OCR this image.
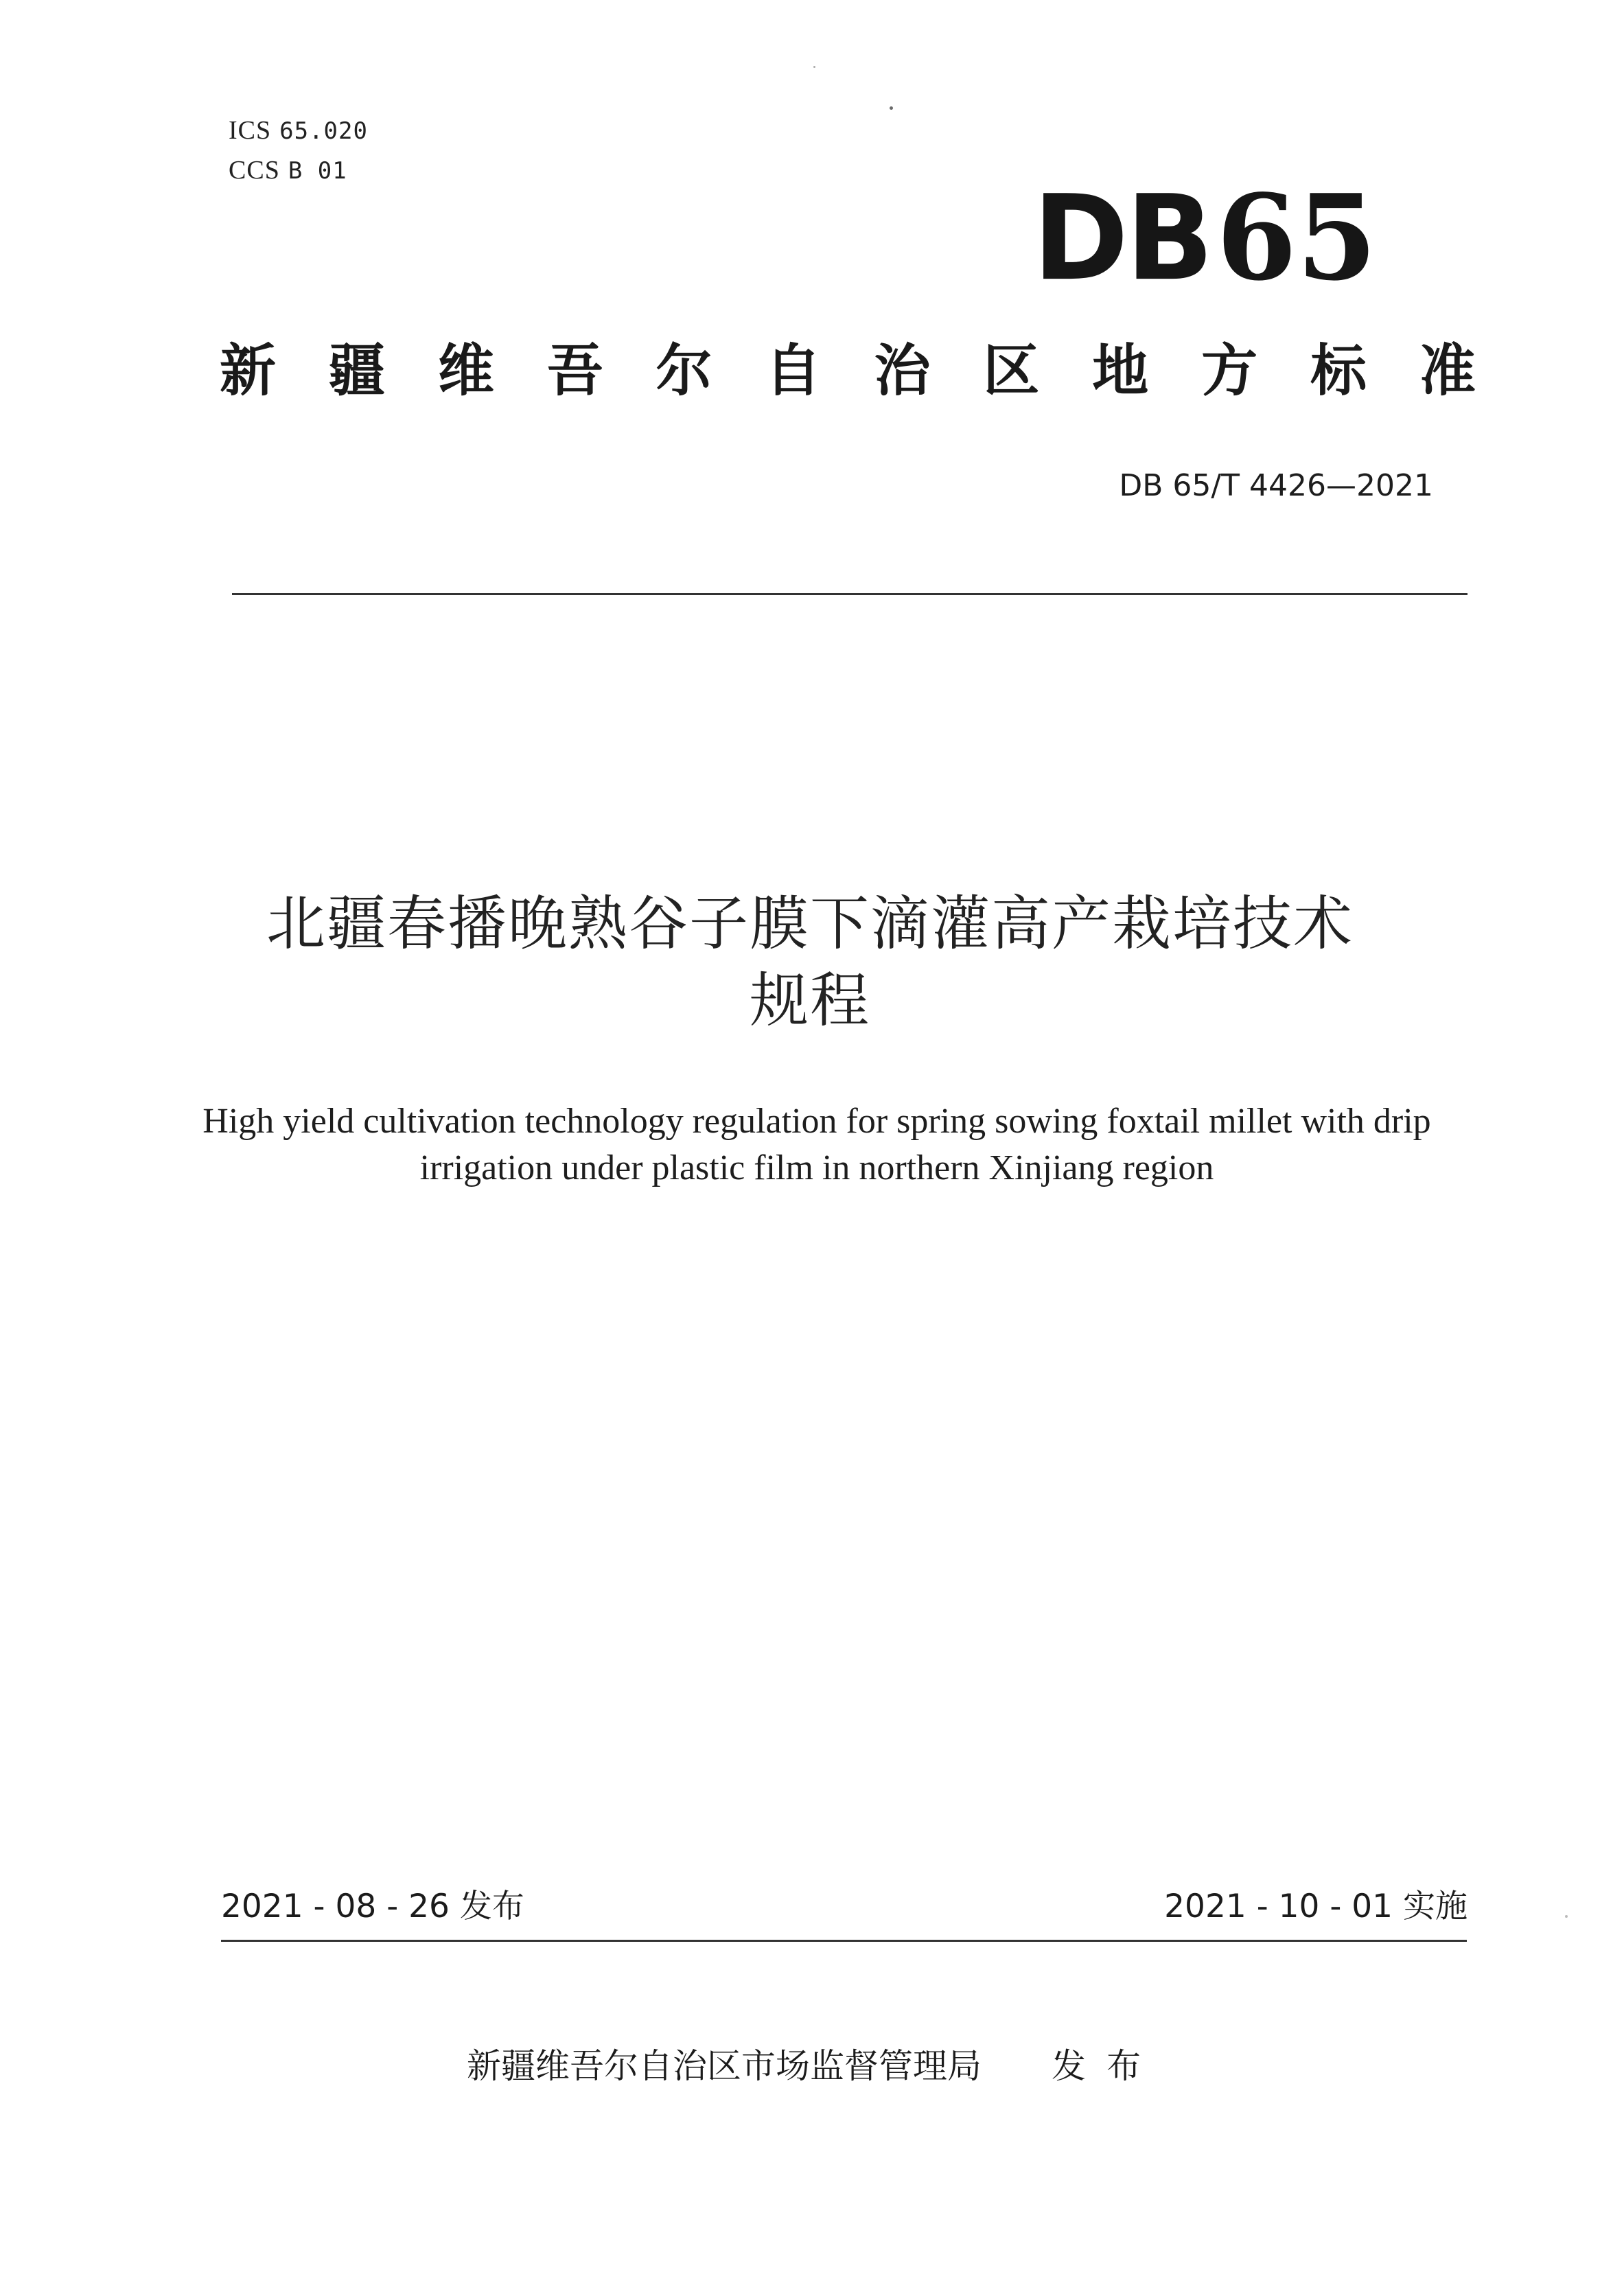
ICS 65.020
CCS B 01	DB65
新 疆 维 吾 尔 自 治 区 地 方 标 准
DB 65/T 4426—2021
北疆春播晚熟谷子膜下滴灌高产栽培技术
规程
High yield cultivation technology regulation for spring sowing foxtail millet with drip
irrigation under plastic film in northern Xinjiang region
2021 - 08 - 26 发布	2021 - 10 - 01 实施
新疆维吾尔自治区市场监督管理局 发布
